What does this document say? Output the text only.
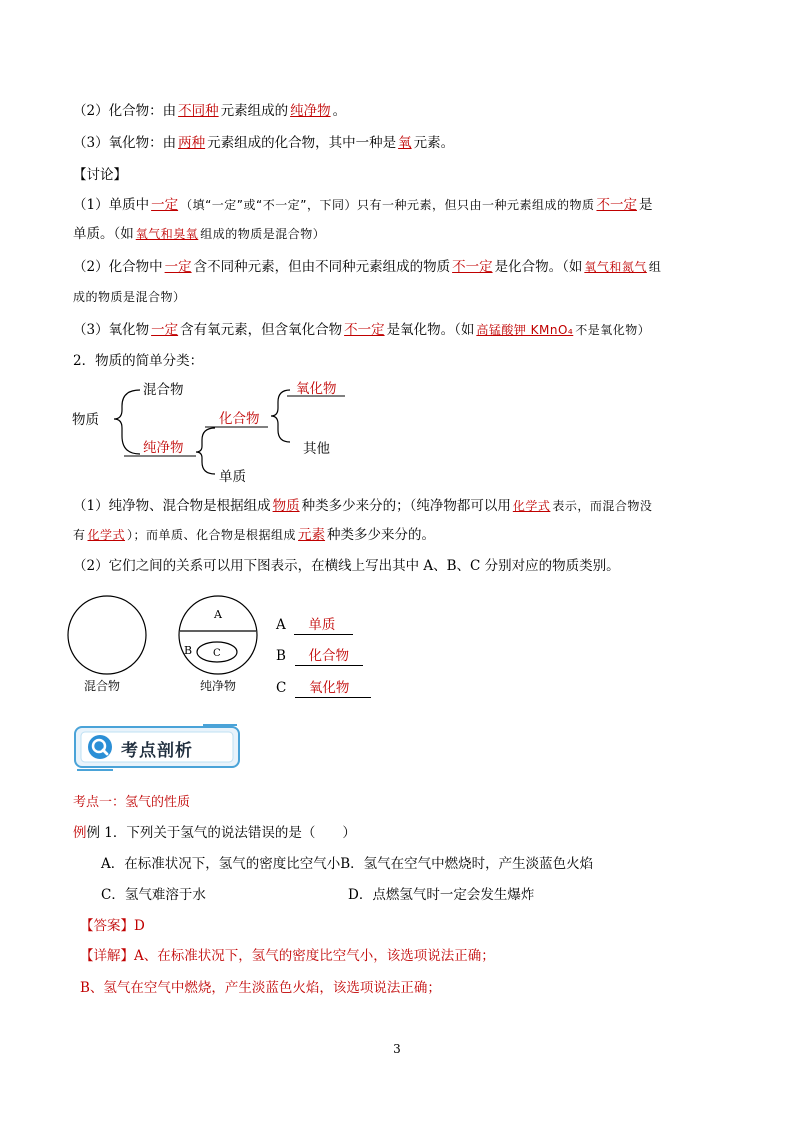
（2）化合物：由 不同种 元素组成的 纯净物 。
（3）氧化物：由 两种 元素组成的化合物，其中一种是 氧 元素。
【讨论】
（1）单质中 一定 （填“一定”或“不一定”，下同）只有一种元素，但只由一种元素组成的物质 不一定 是
单质。（如 氧气和臭氧 组成的物质是混合物）
（2）化合物中 一定 含不同种元素，但由不同种元素组成的物质 不一定 是化合物。（如 氧气和氮气 组
成的物质是混合物）
（3）氧化物 一定 含有氧元素，但含氧化合物 不一定 是氧化物。（如 高锰酸钾 KMnO₄ 不是氧化物）
2．物质的简单分类：
物质
混合物
纯净物
化合物
氧化物
其他
单质
（1）纯净物、混合物是根据组成 物质 种类多少来分的；（纯净物都可以用 化学式 表示，而混合物没
有 化学式 ）；而单质、化合物是根据组成 元素 种类多少来分的。
（2）它们之间的关系可以用下图表示，在横线上写出其中 A、B、C 分别对应的物质类别。
A
B C
混合物	纯净物
A 单质
B 化合物
C 氧化物
考点剖析
考点一：氢气的性质
例例 1．下列关于氢气的说法错误的是（　　）
A．在标准状况下，氢气的密度比空气小B．氢气在空气中燃烧时，产生淡蓝色火焰
C．氢气难溶于水	D．点燃氢气时一定会发生爆炸
【答案】D
【详解】A、在标准状况下，氢气的密度比空气小，该选项说法正确；
B、氢气在空气中燃烧，产生淡蓝色火焰，该选项说法正确；
3
